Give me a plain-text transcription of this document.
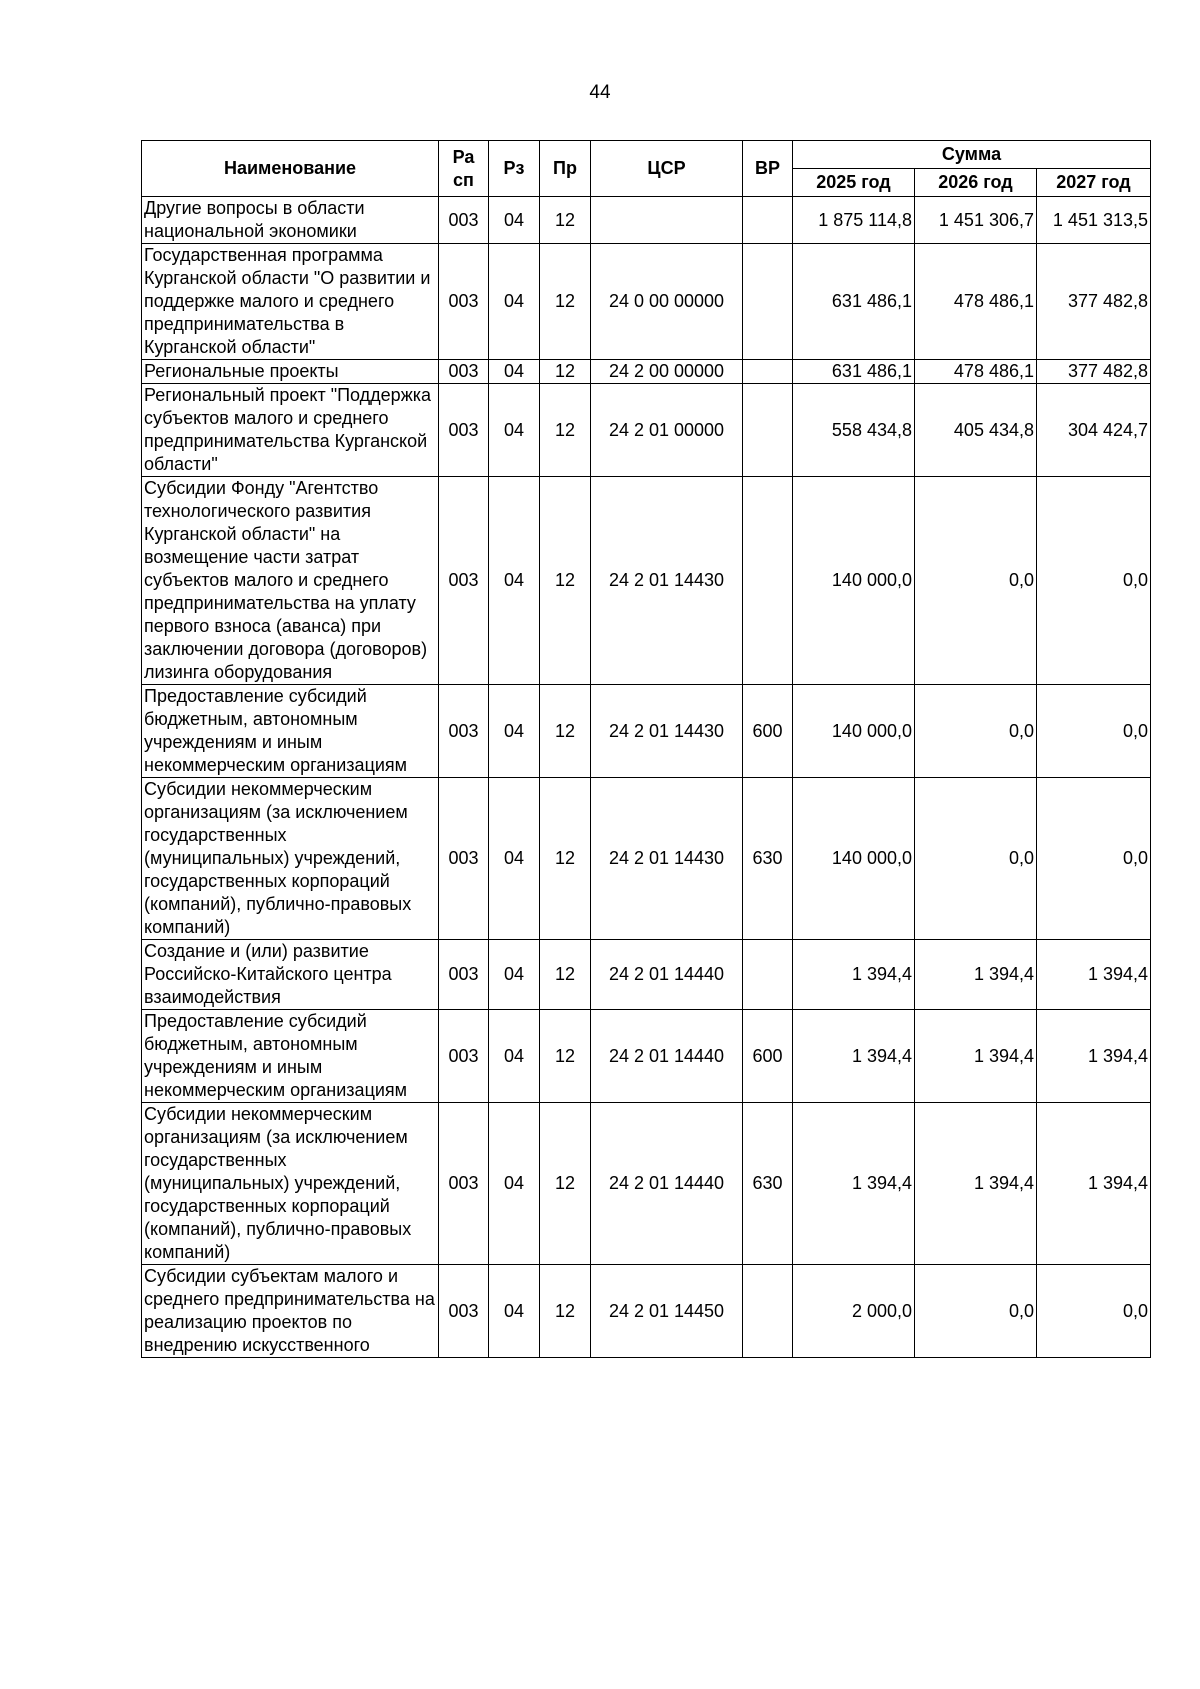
44
Наименование	Ра сп	Рз	Пр	ЦСР	ВР	Сумма		
						2025 год	2026 год	2027 год
Другие вопросы в области национальной экономики	003	04	12			1 875 114,8	1 451 306,7	1 451 313,5
Государственная программа Курганской области "О развитии и поддержке малого и среднего предпринимательства в Курганской области"	003	04	12	24 0 00 00000		631 486,1	478 486,1	377 482,8
Региональные проекты	003	04	12	24 2 00 00000		631 486,1	478 486,1	377 482,8
Региональный проект "Поддержка субъектов малого и среднего предпринимательства Курганской области"	003	04	12	24 2 01 00000		558 434,8	405 434,8	304 424,7
Субсидии Фонду "Агентство технологического развития Курганской области" на возмещение части затрат субъектов малого и среднего предпринимательства на уплату первого взноса (аванса) при заключении договора (договоров) лизинга оборудования	003	04	12	24 2 01 14430		140 000,0	0,0	0,0
Предоставление субсидий бюджетным, автономным учреждениям и иным некоммерческим организациям	003	04	12	24 2 01 14430	600	140 000,0	0,0	0,0
Субсидии некоммерческим организациям (за исключением государственных (муниципальных) учреждений, государственных корпораций (компаний), публично-правовых компаний)	003	04	12	24 2 01 14430	630	140 000,0	0,0	0,0
Создание и (или) развитие Российско-Китайского центра взаимодействия	003	04	12	24 2 01 14440		1 394,4	1 394,4	1 394,4
Предоставление субсидий бюджетным, автономным учреждениям и иным некоммерческим организациям	003	04	12	24 2 01 14440	600	1 394,4	1 394,4	1 394,4
Субсидии некоммерческим организациям (за исключением государственных (муниципальных) учреждений, государственных корпораций (компаний), публично-правовых компаний)	003	04	12	24 2 01 14440	630	1 394,4	1 394,4	1 394,4
Субсидии субъектам малого и среднего предпринимательства на реализацию проектов по внедрению искусственного	003	04	12	24 2 01 14450		2 000,0	0,0	0,0
